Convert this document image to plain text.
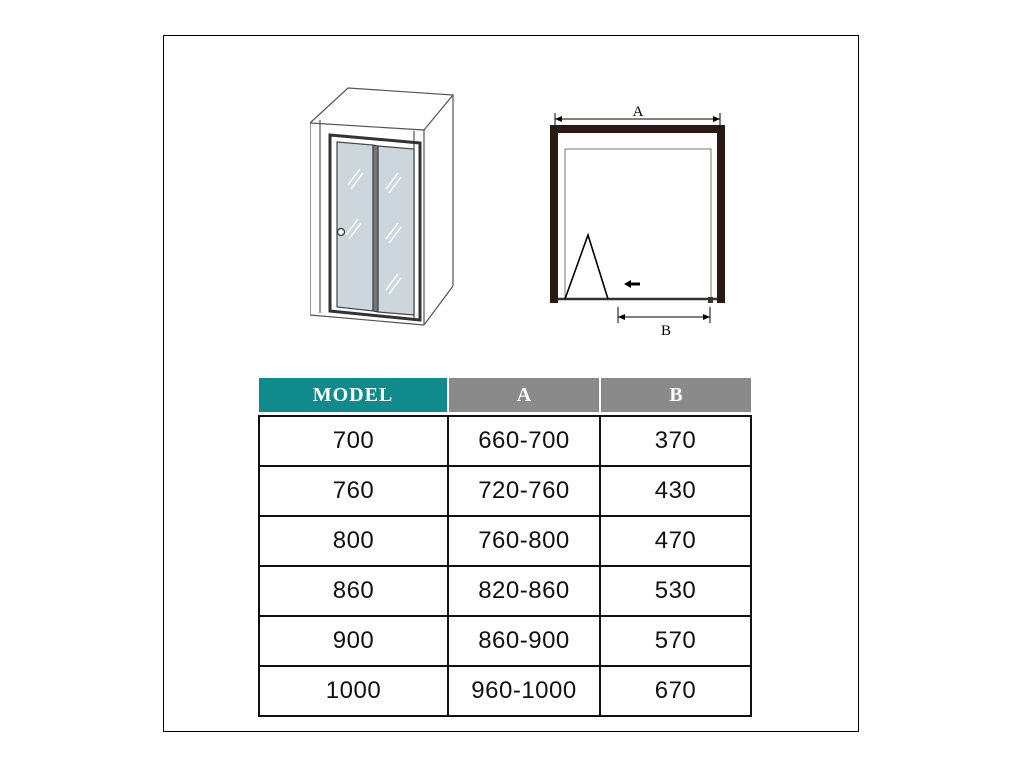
A
B
MODEL	A	B

700	660-700	370
760	720-760	430
800	760-800	470
860	820-860	530
900	860-900	570
1000	960-1000	670
